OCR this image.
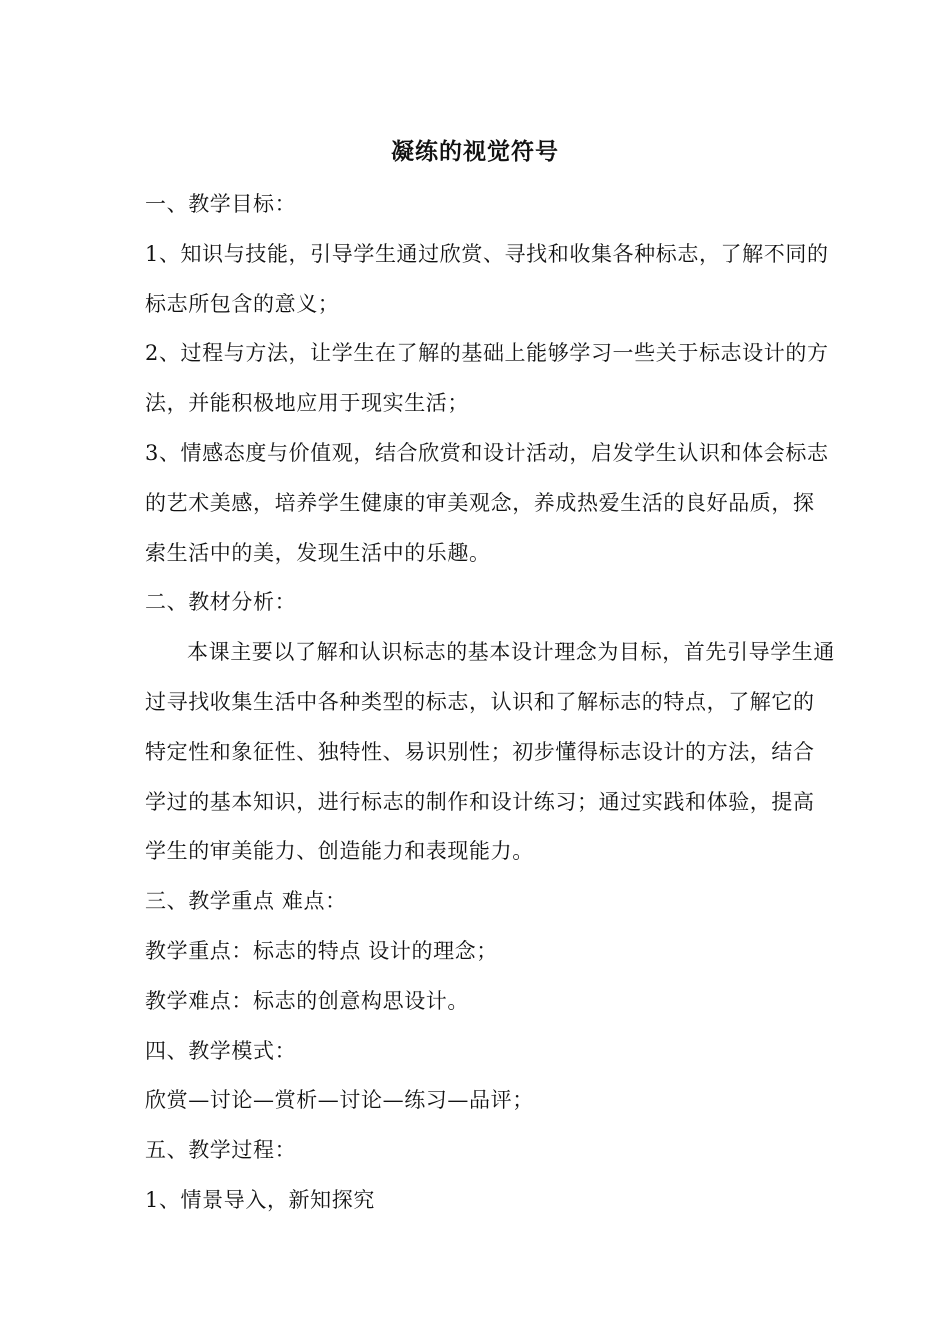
凝练的视觉符号

一、教学目标：

1、知识与技能，引导学生通过欣赏、寻找和收集各种标志，了解不同的标志所包含的意义；

2、过程与方法，让学生在了解的基础上能够学习一些关于标志设计的方法，并能积极地应用于现实生活；

3、情感态度与价值观，结合欣赏和设计活动，启发学生认识和体会标志的艺术美感，培养学生健康的审美观念，养成热爱生活的良好品质，探索生活中的美，发现生活中的乐趣。

二、教材分析：

本课主要以了解和认识标志的基本设计理念为目标，首先引导学生通过寻找收集生活中各种类型的标志，认识和了解标志的特点，了解它的特定性和象征性、独特性、易识别性；初步懂得标志设计的方法，结合学过的基本知识，进行标志的制作和设计练习；通过实践和体验，提高学生的审美能力、创造能力和表现能力。

三、教学重点 难点：

教学重点：标志的特点 设计的理念；

教学难点：标志的创意构思设计。

四、教学模式：

欣赏—讨论—赏析—讨论—练习—品评；

五、教学过程：

1、情景导入，新知探究
